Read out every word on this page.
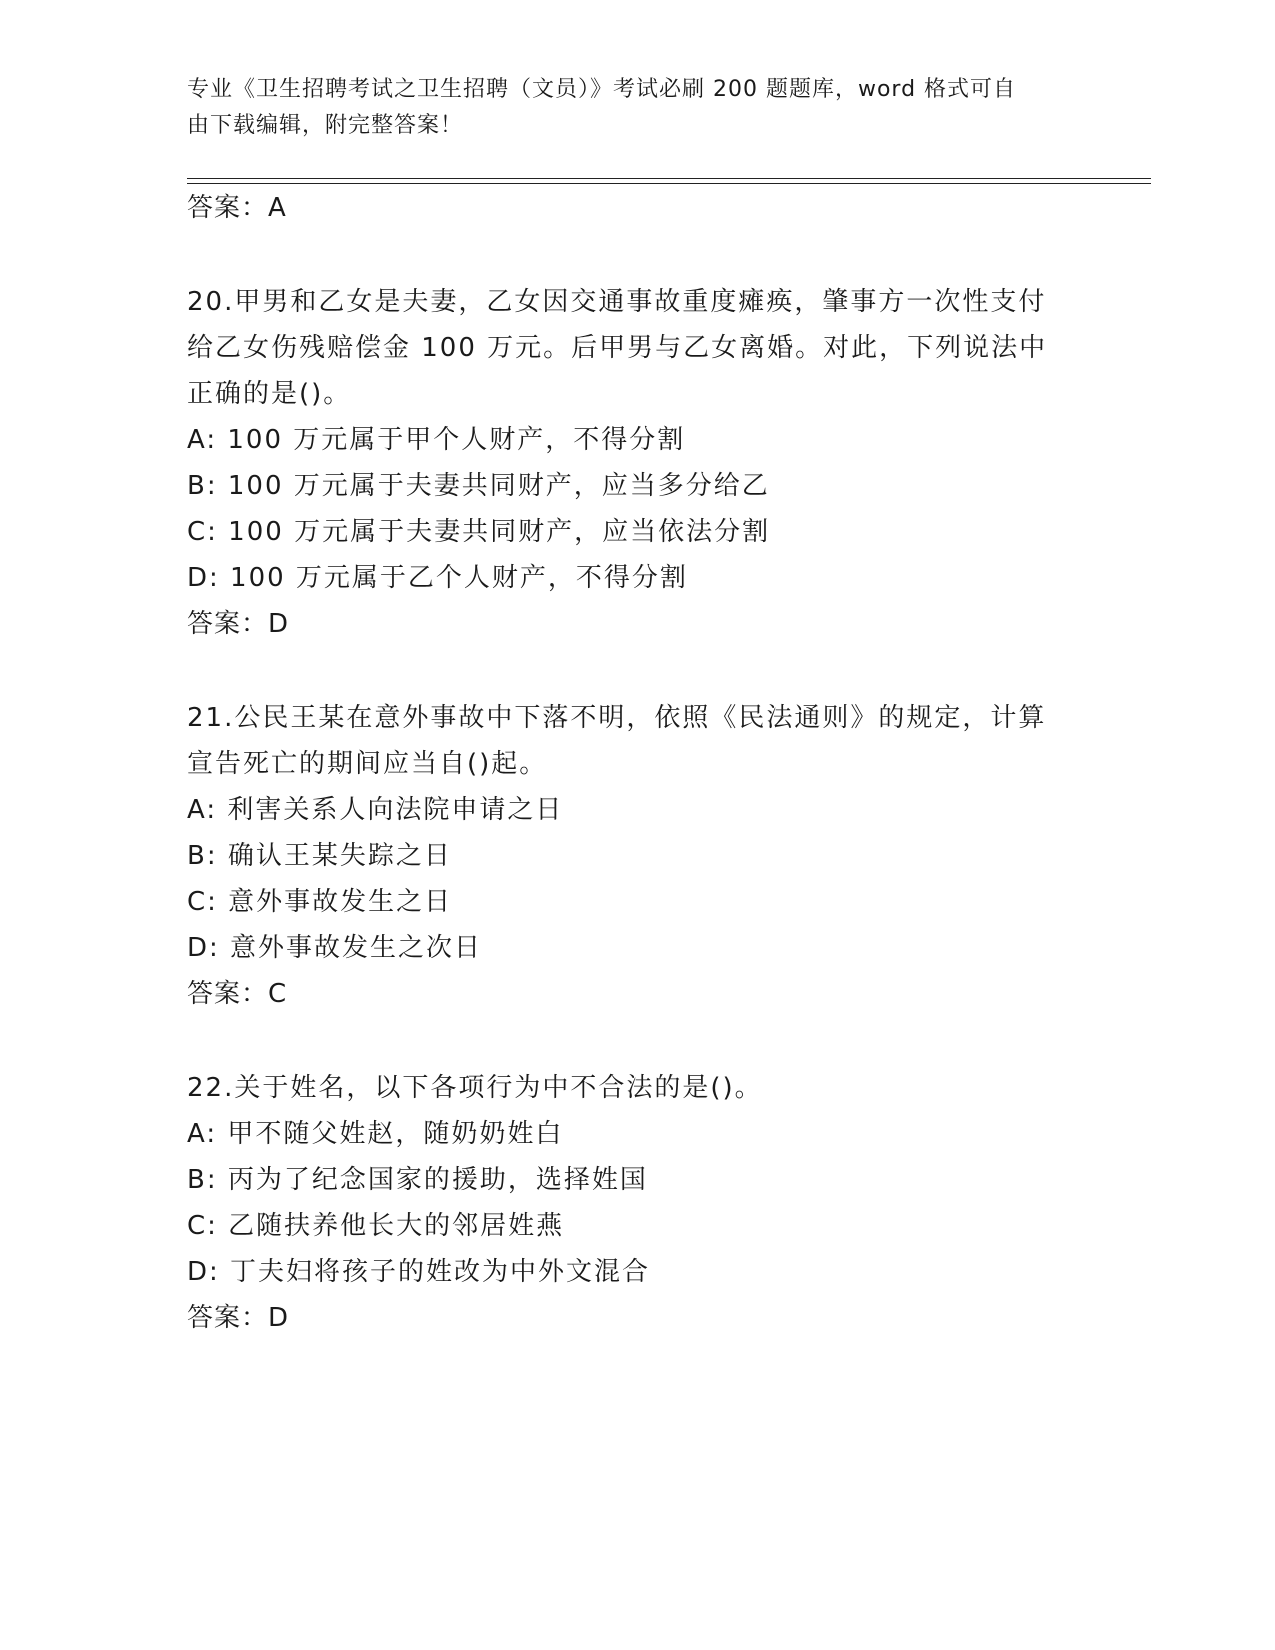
专业《卫生招聘考试之卫生招聘（文员）》考试必刷 200 题题库，word 格式可自
由下载编辑，附完整答案！
答案：A
20.甲男和乙女是夫妻，乙女因交通事故重度瘫痪，肇事方一次性支付
给乙女伤残赔偿金 100 万元。后甲男与乙女离婚。对此，下列说法中
正确的是()。
A: 100 万元属于甲个人财产，不得分割
B: 100 万元属于夫妻共同财产，应当多分给乙
C: 100 万元属于夫妻共同财产，应当依法分割
D: 100 万元属于乙个人财产，不得分割
答案：D
21.公民王某在意外事故中下落不明，依照《民法通则》的规定，计算
宣告死亡的期间应当自()起。
A: 利害关系人向法院申请之日
B: 确认王某失踪之日
C: 意外事故发生之日
D: 意外事故发生之次日
答案：C
22.关于姓名，以下各项行为中不合法的是()。
A: 甲不随父姓赵，随奶奶姓白
B: 丙为了纪念国家的援助，选择姓国
C: 乙随扶养他长大的邻居姓燕
D: 丁夫妇将孩子的姓改为中外文混合
答案：D
